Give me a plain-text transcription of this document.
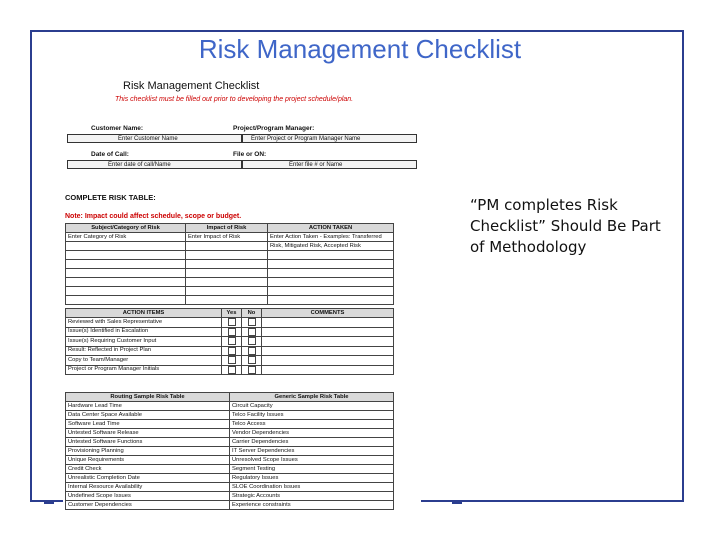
Risk Management Checklist
Risk Management Checklist
This checklist must be filled out prior to developing the project schedule/plan.
Customer Name:
Enter Customer Name
Project/Program Manager:
Enter Project or Program Manager Name
Date of Call:
Enter date of call/Name
File or ON:
Enter file # or Name
COMPLETE RISK TABLE:
Note: Impact could affect schedule, scope or budget.
Subject/Category of Risk	Impact of Risk	ACTION TAKEN
Enter Category of Risk	Enter Impact of Risk	Enter Action Taken - Examples: Transferred
		Risk, Mitigated Risk, Accepted Risk

ACTION ITEMS	Yes	No	COMMENTS
Reviewed with Sales Representative			
Issue(s) Identified in Escalation			
Issue(s) Requiring Customer Input			
Result: Reflected in Project Plan			
Copy to Team/Manager			
Project or Program Manager Initials			
Routing Sample Risk Table	Generic Sample Risk Table
Hardware Lead Time	Circuit Capacity
Data Center Space Available	Telco Facility Issues
Software Lead Time	Telco Access
Untested Software Release	Vendor Dependencies
Untested Software Functions	Carrier Dependencies
Provisioning Planning	IT Server Dependencies
Unique Requirements	Unresolved Scope Issues
Credit Check	Segment Testing
Unrealistic Completion Date	Regulatory Issues
Internal Resource Availability	SLOE Coordination Issues
Undefined Scope Issues	Strategic Accounts
Customer Dependencies	Experience constraints
“PM completes Risk Checklist” Should Be Part of Methodology
